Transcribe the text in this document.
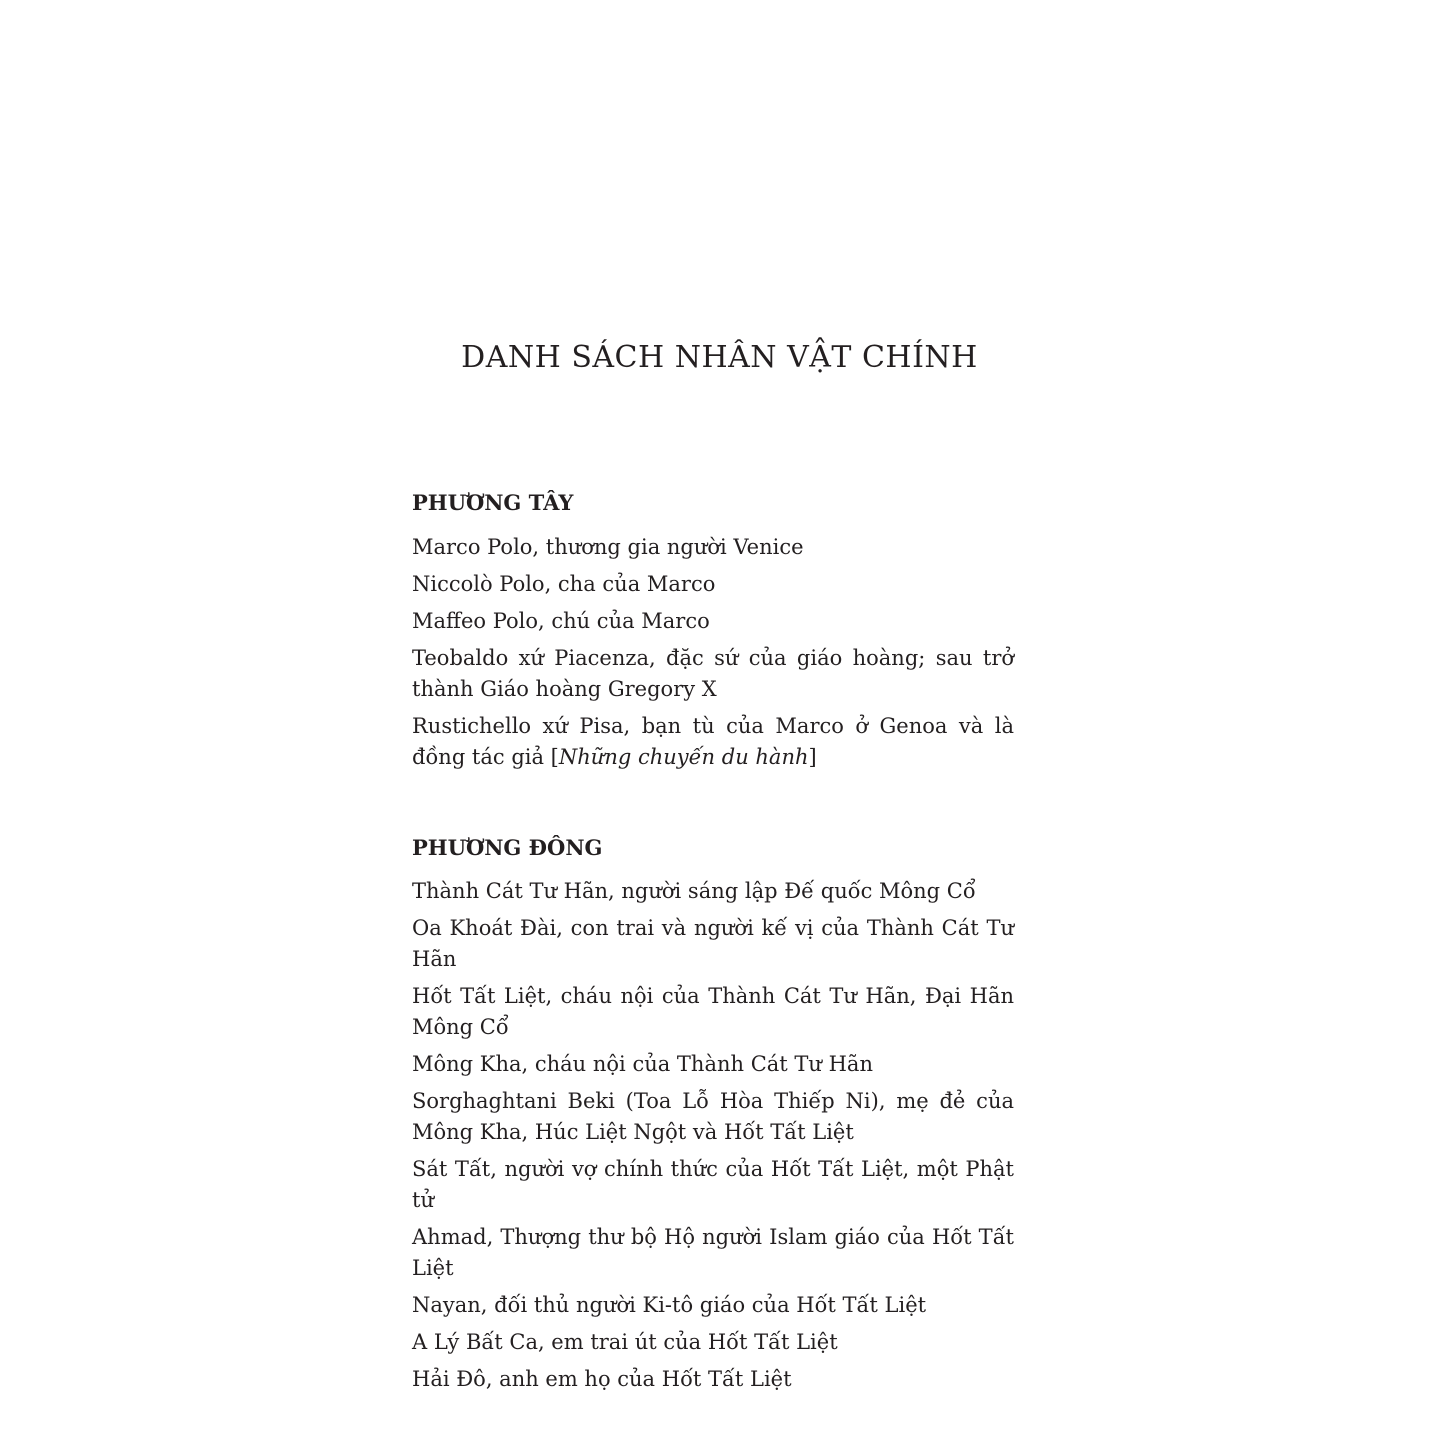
DANH SÁCH NHÂN VẬT CHÍNH
PHƯƠNG TÂY
Marco Polo, thương gia người Venice
Niccolò Polo, cha của Marco
Maffeo Polo, chú của Marco
Teobaldo xứ Piacenza, đặc sứ của giáo hoàng; sau trở thành Giáo hoàng Gregory X
Rustichello xứ Pisa, bạn tù của Marco ở Genoa và là đồng tác giả [Những chuyến du hành]
PHƯƠNG ĐÔNG
Thành Cát Tư Hãn, người sáng lập Đế quốc Mông Cổ
Oa Khoát Đài, con trai và người kế vị của Thành Cát Tư Hãn
Hốt Tất Liệt, cháu nội của Thành Cát Tư Hãn, Đại Hãn Mông Cổ
Mông Kha, cháu nội của Thành Cát Tư Hãn
Sorghaghtani Beki (Toa Lỗ Hòa Thiếp Ni), mẹ đẻ của Mông Kha, Húc Liệt Ngột và Hốt Tất Liệt
Sát Tất, người vợ chính thức của Hốt Tất Liệt, một Phật tử
Ahmad, Thượng thư bộ Hộ người Islam giáo của Hốt Tất Liệt
Nayan, đối thủ người Ki-tô giáo của Hốt Tất Liệt
A Lý Bất Ca, em trai út của Hốt Tất Liệt
Hải Đô, anh em họ của Hốt Tất Liệt
